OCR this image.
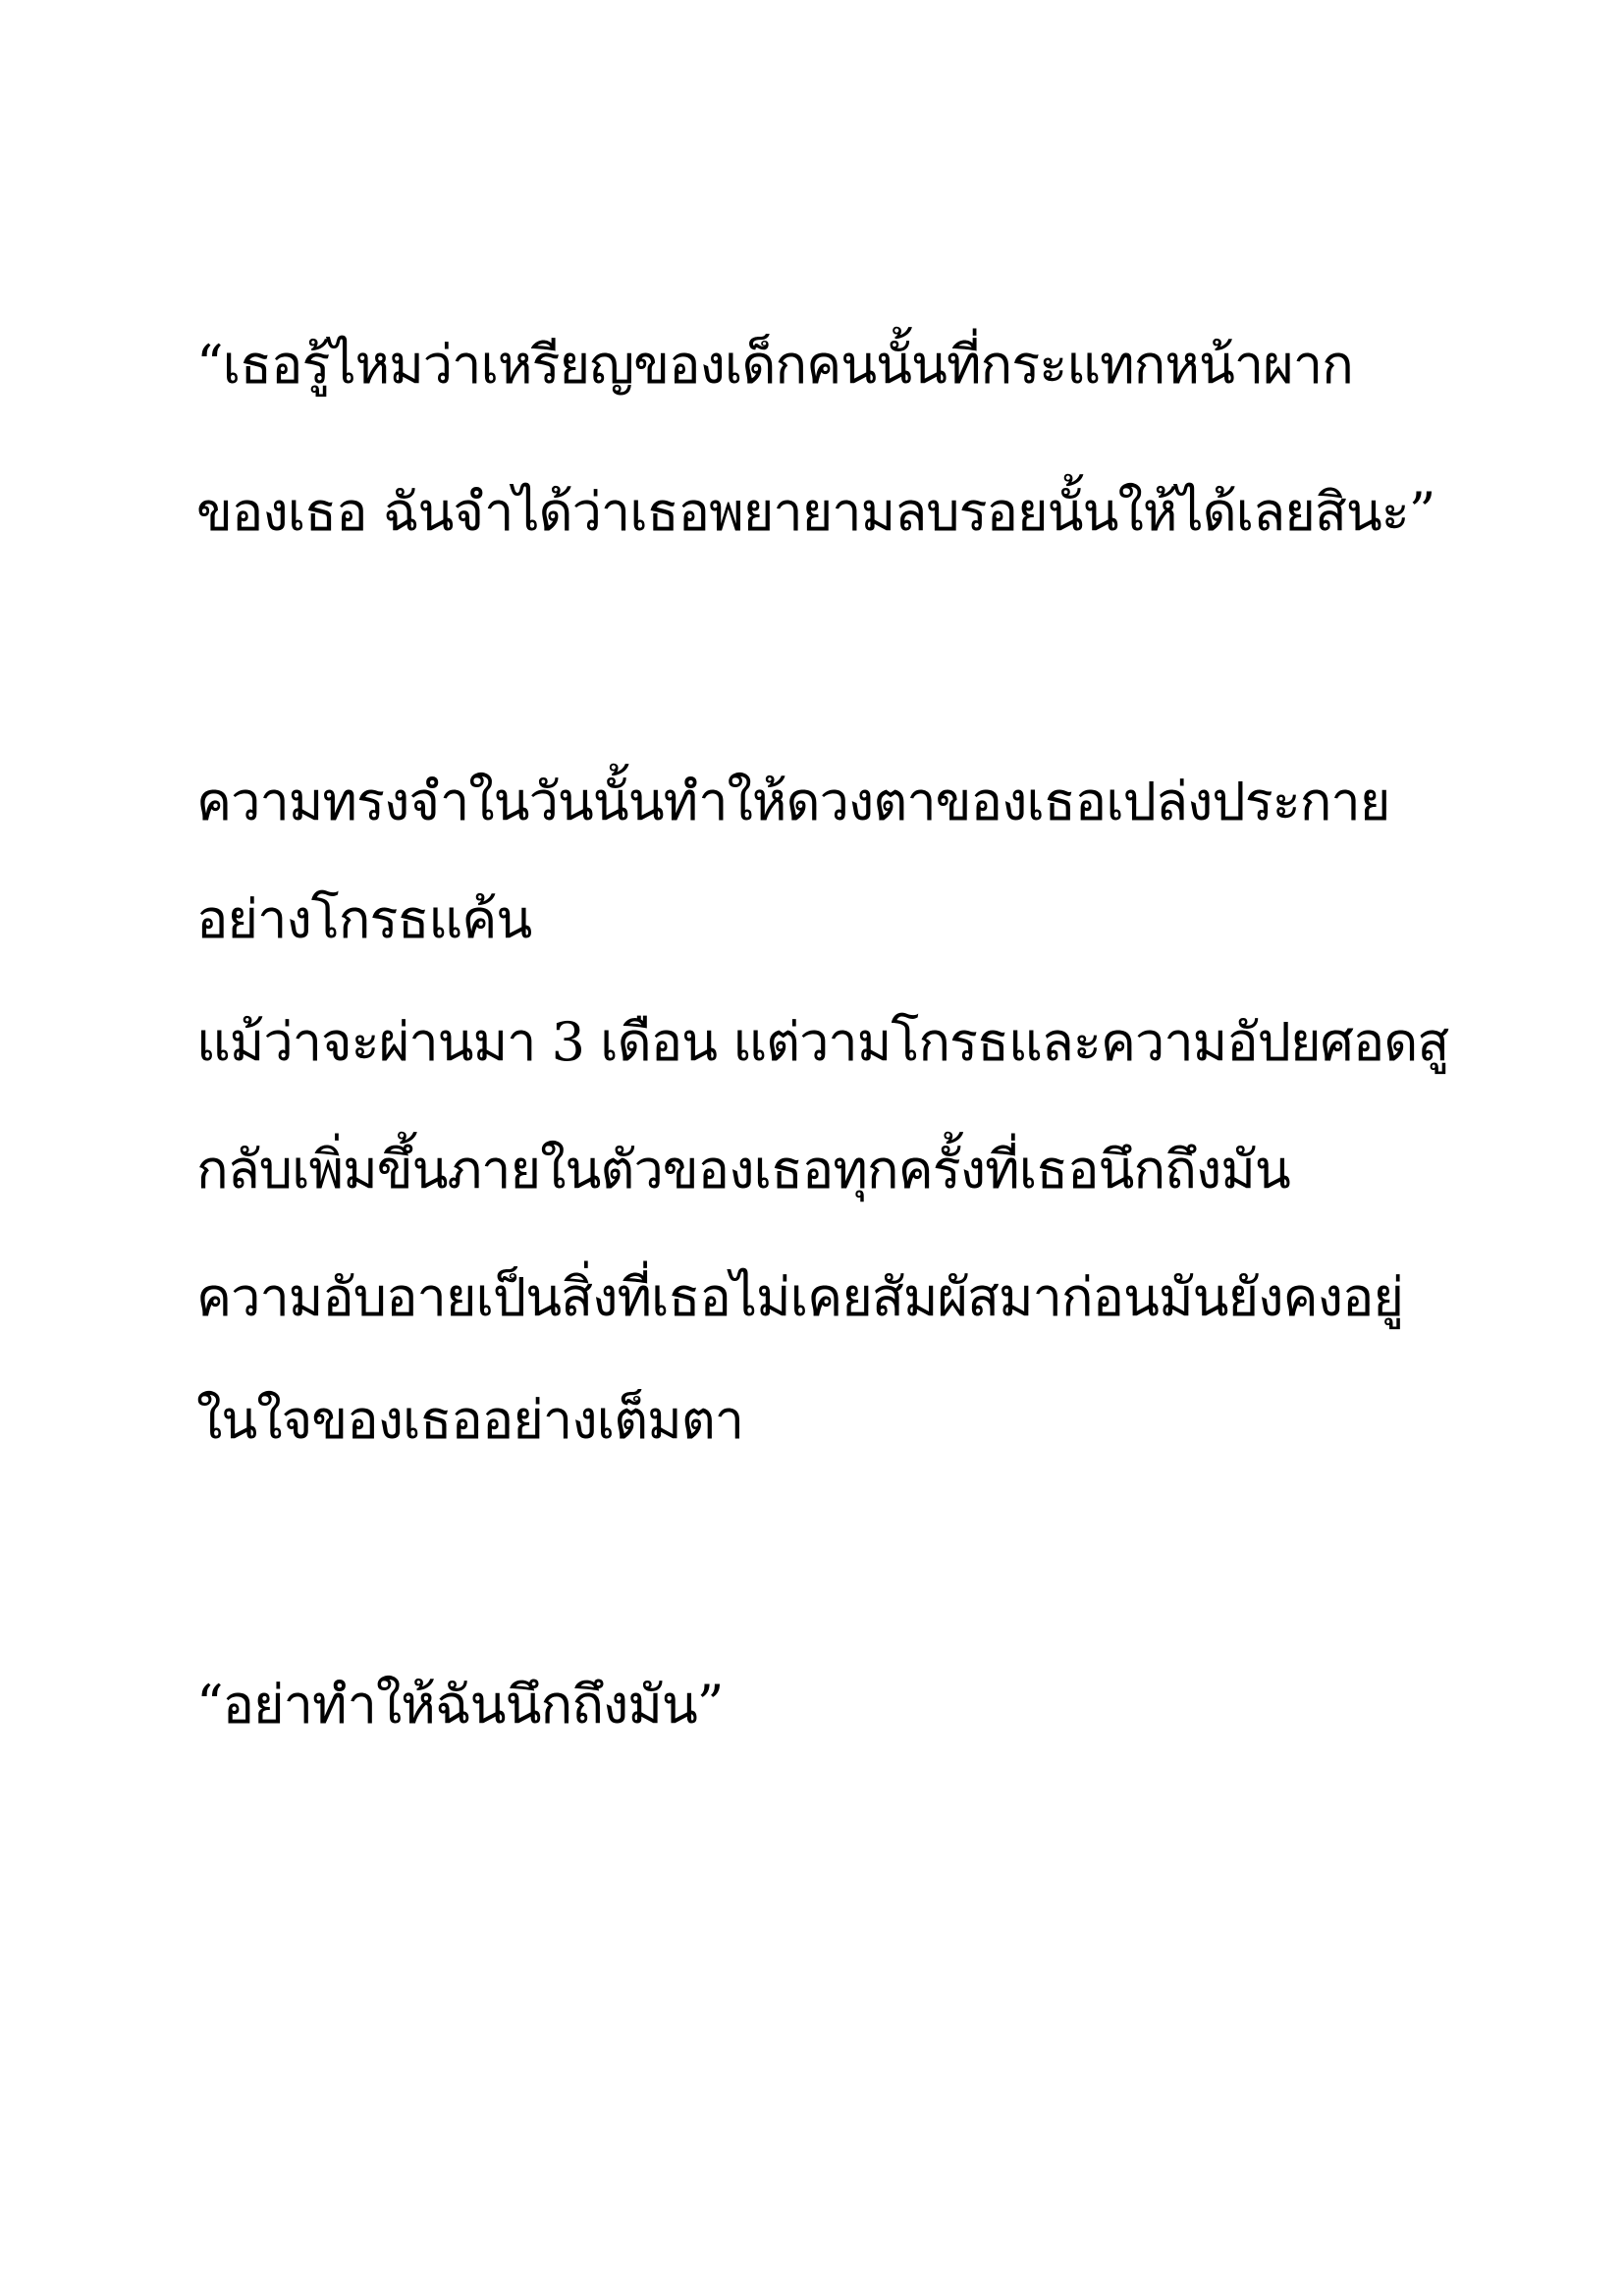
“เธอรู้ไหมว่าเหรียญของเด็กคนนั้นที่กระแทกหน้าผาก

ของเธอ ฉันจำได้ว่าเธอพยายามลบรอยนั้นให้ได้เลยสินะ”

ความทรงจำในวันนั้นทำให้ดวงตาของเธอเปล่งประกาย

อย่างโกรธแค้น

แม้ว่าจะผ่านมา 3 เดือน แต่วามโกรธและความอัปยศอดสู

กลับเพิ่มขึ้นภายในตัวของเธอทุกครั้งที่เธอนึกถึงมัน

ความอับอายเป็นสิ่งที่เธอไม่เคยสัมผัสมาก่อนมันยังคงอยู่

ในใจของเธออย่างเต็มตา

“อย่าทำให้ฉันนึกถึงมัน”
